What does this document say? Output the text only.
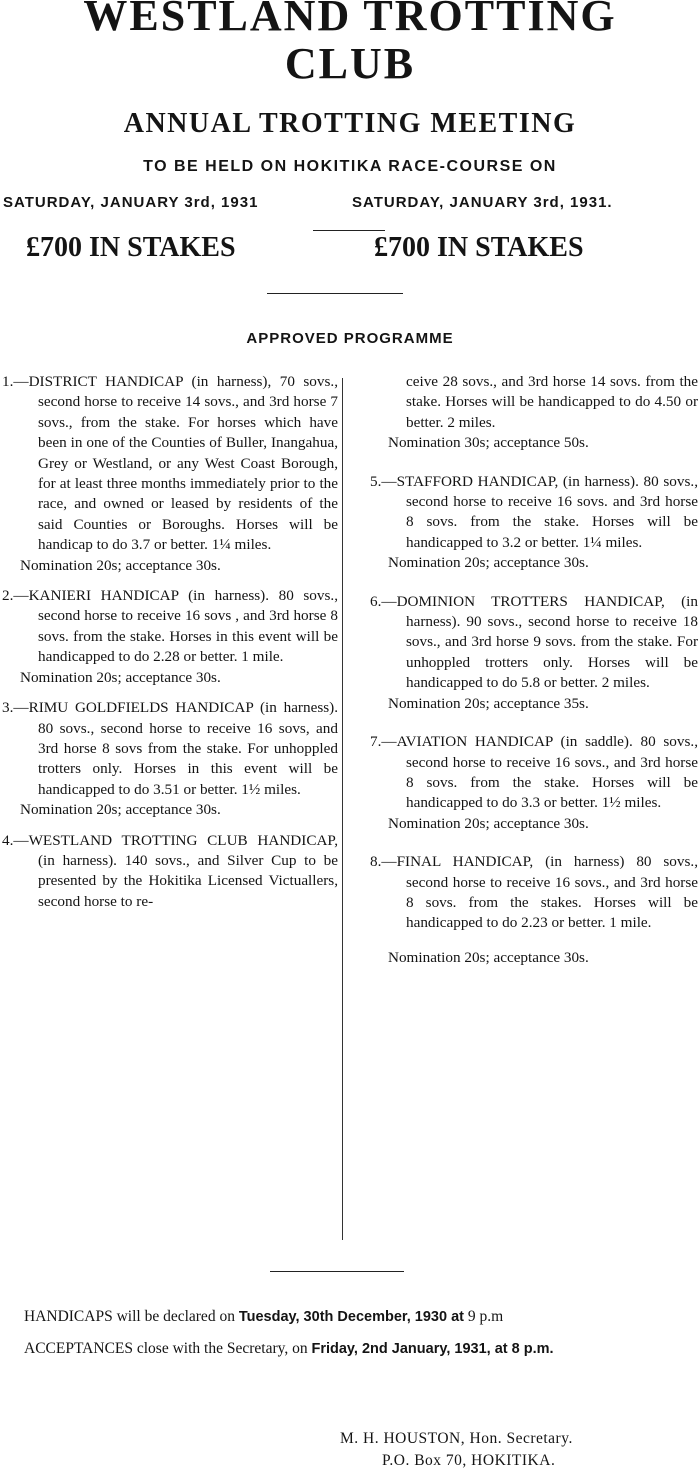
WESTLAND TROTTING
CLUB
ANNUAL TROTTING MEETING
TO BE HELD ON HOKITIKA RACE-COURSE ON
SATURDAY, JANUARY 3rd, 1931	SATURDAY, JANUARY 3rd, 1931.
£700 IN STAKES	£700 IN STAKES
APPROVED PROGRAMME

1.—DISTRICT HANDICAP (in harness), 70 sovs., second horse to receive 14 sovs., and 3rd horse 7 sovs., from the stake. For horses which have been in one of the Counties of Buller, Inangahua, Grey or Westland, or any West Coast Borough, for at least three months immediately prior to the race, and owned or leased by residents of the said Counties or Boroughs. Horses will be handicap to do 3.7 or better. 1¼ miles.

Nomination 20s; acceptance 30s.

2.—KANIERI HANDICAP (in harness). 80 sovs., second horse to receive 16 sovs , and 3rd horse 8 sovs. from the stake. Horses in this event will be handicapped to do 2.28 or better. 1 mile.

Nomination 20s; acceptance 30s.

3.—RIMU GOLDFIELDS HANDICAP (in harness). 80 sovs., second horse to receive 16 sovs, and 3rd horse 8 sovs from the stake. For unhoppled trotters only. Horses in this event will be handicapped to do 3.51 or better. 1½ miles.

Nomination 20s; acceptance 30s.

4.—WESTLAND TROTTING CLUB HANDICAP, (in harness). 140 sovs., and Silver Cup to be presented by the Hokitika Licensed Victuallers, second horse to re-

ceive 28 sovs., and 3rd horse 14 sovs. from the stake. Horses will be handicapped to do 4.50 or better. 2 miles.

Nomination 30s; acceptance 50s.

5.—STAFFORD HANDICAP, (in harness). 80 sovs., second horse to receive 16 sovs. and 3rd horse 8 sovs. from the stake. Horses will be handicapped to 3.2 or better. 1¼ miles.

Nomination 20s; acceptance 30s.

6.—DOMINION TROTTERS HANDICAP, (in harness). 90 sovs., second horse to receive 18 sovs., and 3rd horse 9 sovs. from the stake. For unhoppled trotters only. Horses will be handicapped to do 5.8 or better. 2 miles.

Nomination 20s; acceptance 35s.

7.—AVIATION HANDICAP (in saddle). 80 sovs., second horse to receive 16 sovs., and 3rd horse 8 sovs. from the stake. Horses will be handicapped to do 3.3 or better. 1½ miles.

Nomination 20s; acceptance 30s.

8.—FINAL HANDICAP, (in harness) 80 sovs., second horse to receive 16 sovs., and 3rd horse 8 sovs. from the stakes. Horses will be handicapped to do 2.23 or better. 1 mile.

Nomination 20s; acceptance 30s.

HANDICAPS will be declared on Tuesday, 30th December, 1930 at 9 p.m

ACCEPTANCES close with the Secretary, on Friday, 2nd January, 1931, at 8 p.m.

M. H. HOUSTON, Hon. Secretary.
P.O. Box 70, HOKITIKA.
